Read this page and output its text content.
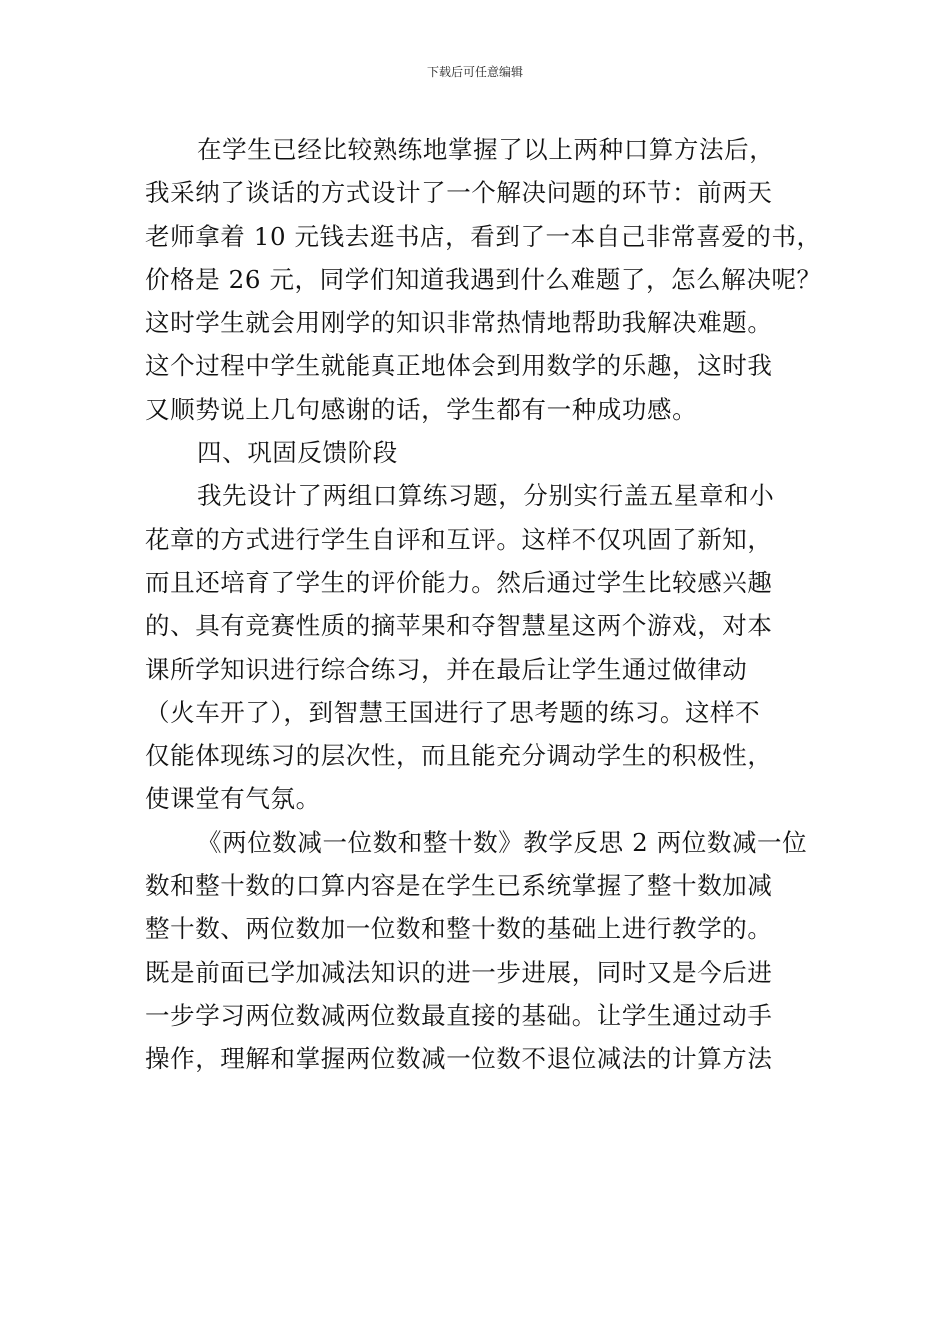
下载后可任意编辑
在学生已经比较熟练地掌握了以上两种口算方法后，
我采纳了谈话的方式设计了一个解决问题的环节：前两天
老师拿着 10 元钱去逛书店，看到了一本自己非常喜爱的书，
价格是 26 元，同学们知道我遇到什么难题了，怎么解决呢？
这时学生就会用刚学的知识非常热情地帮助我解决难题。
这个过程中学生就能真正地体会到用数学的乐趣，这时我
又顺势说上几句感谢的话，学生都有一种成功感。
四、巩固反馈阶段
我先设计了两组口算练习题，分别实行盖五星章和小
花章的方式进行学生自评和互评。这样不仅巩固了新知，
而且还培育了学生的评价能力。然后通过学生比较感兴趣
的、具有竞赛性质的摘苹果和夺智慧星这两个游戏，对本
课所学知识进行综合练习，并在最后让学生通过做律动
（火车开了），到智慧王国进行了思考题的练习。这样不
仅能体现练习的层次性，而且能充分调动学生的积极性，
使课堂有气氛。
《两位数减一位数和整十数》教学反思 2 两位数减一位
数和整十数的口算内容是在学生已系统掌握了整十数加减
整十数、两位数加一位数和整十数的基础上进行教学的。
既是前面已学加减法知识的进一步进展，同时又是今后进
一步学习两位数减两位数最直接的基础。让学生通过动手
操作，理解和掌握两位数减一位数不退位减法的计算方法
